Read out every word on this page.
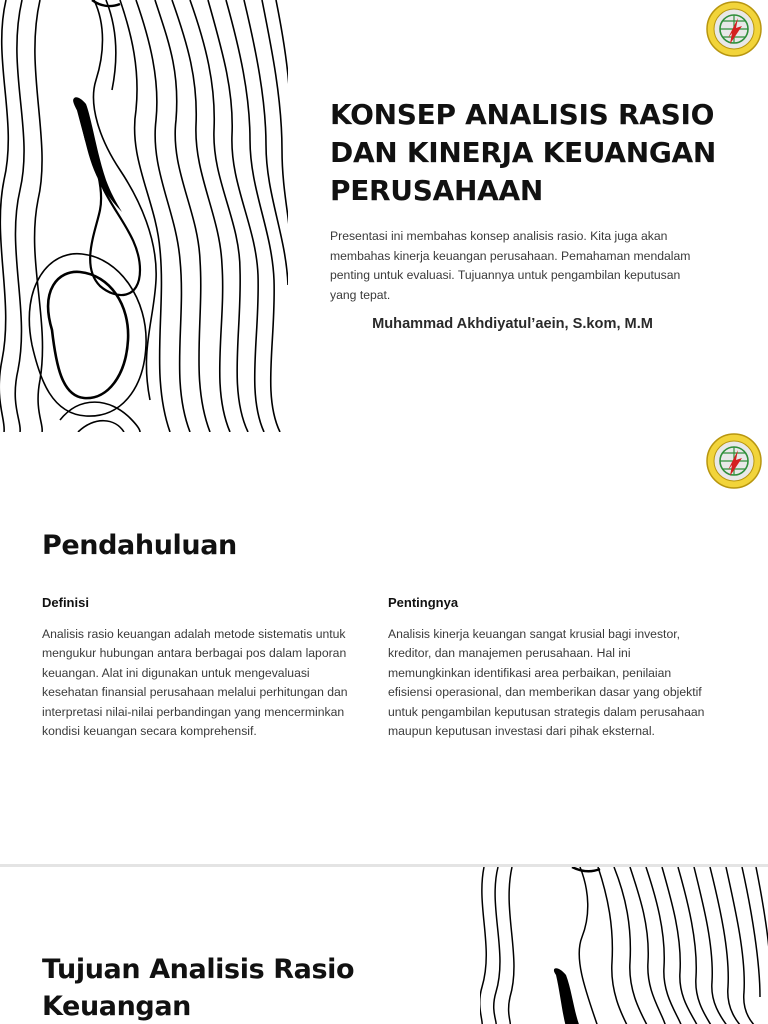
KONSEP ANALISIS RASIO DAN KINERJA KEUANGAN PERUSAHAAN

Presentasi ini membahas konsep analisis rasio. Kita juga akan membahas kinerja keuangan perusahaan. Pemahaman mendalam penting untuk evaluasi. Tujuannya untuk pengambilan keputusan yang tepat.

Muhammad Akhdiyatul’aein, S.kom, M.M

Pendahuluan
Definisi

Analisis rasio keuangan adalah metode sistematis untuk mengukur hubungan antara berbagai pos dalam laporan keuangan. Alat ini digunakan untuk mengevaluasi kesehatan finansial perusahaan melalui perhitungan dan interpretasi nilai-nilai perbandingan yang mencerminkan kondisi keuangan secara komprehensif.

Pentingnya

Analisis kinerja keuangan sangat krusial bagi investor, kreditor, dan manajemen perusahaan. Hal ini memungkinkan identifikasi area perbaikan, penilaian efisiensi operasional, dan memberikan dasar yang objektif untuk pengambilan keputusan strategis dalam perusahaan maupun keputusan investasi dari pihak eksternal.

Tujuan Analisis Rasio Keuangan
